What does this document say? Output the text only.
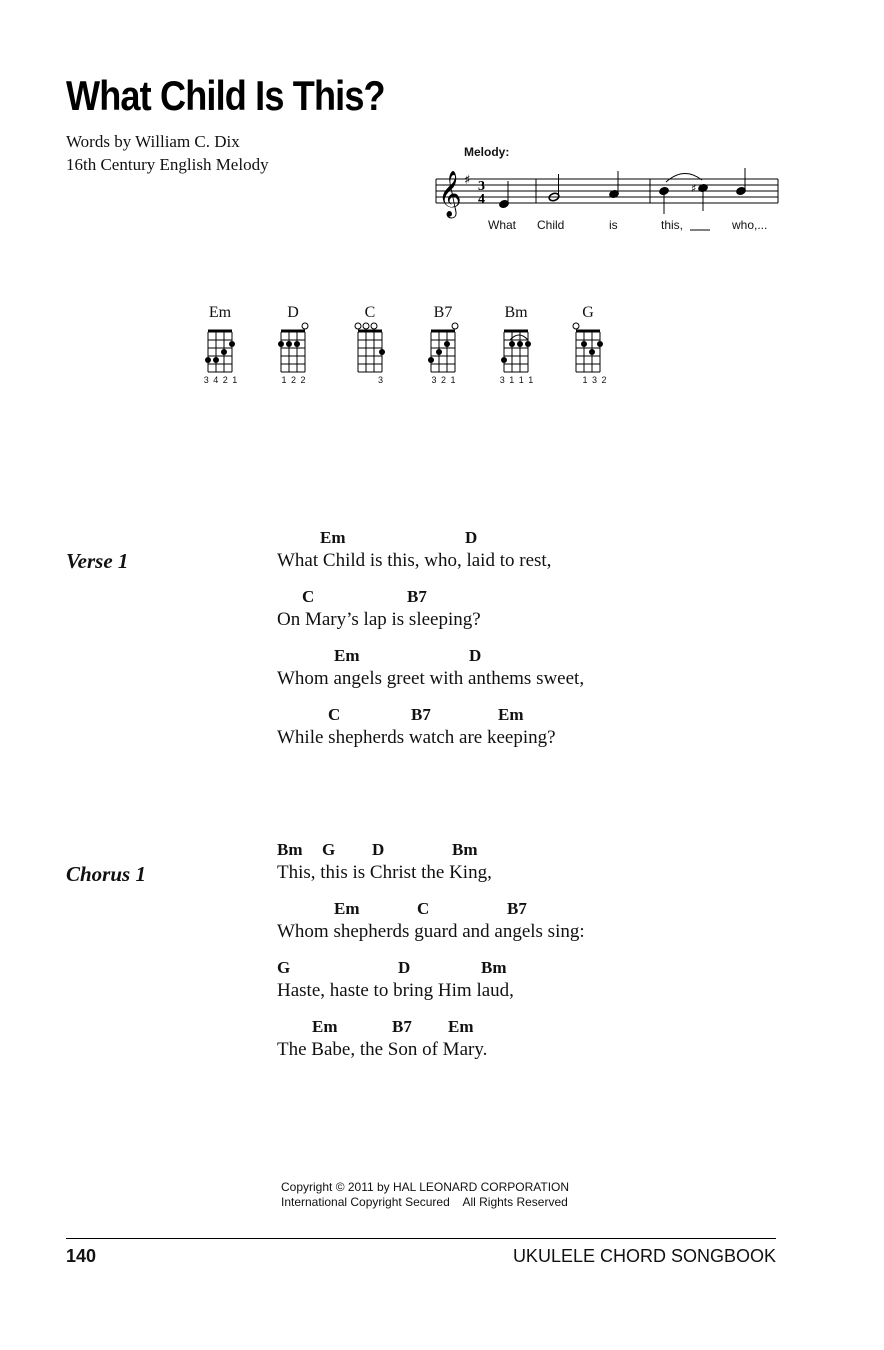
What Child Is This?
Words by William C. Dix
16th Century English Melody
Melody:
𝄞 ♯ 3
4
♯
What Child	is	this,	who,...
Em
3 4 2 1
D
1 2 2
C
3
B7
3 2 1
Bm
3 1 1 1
G
1 3 2
Verse 1
Em	D
What Child is this, who, laid to rest,
C	B7
On Mary’s lap is sleeping?
Em	D
Whom angels greet with anthems sweet,
C	B7	Em
While shepherds watch are keeping?
Chorus 1
Bm G D	Bm
This, this is Christ the King,
Em	C	B7
Whom shepherds guard and angels sing:
G	D	Bm
Haste, haste to bring Him laud,
Em	B7 Em
The Babe, the Son of Mary.
Copyright © 2011 by HAL LEONARD CORPORATION
International Copyright Secured    All Rights Reserved
140	UKULELE CHORD SONGBOOK
